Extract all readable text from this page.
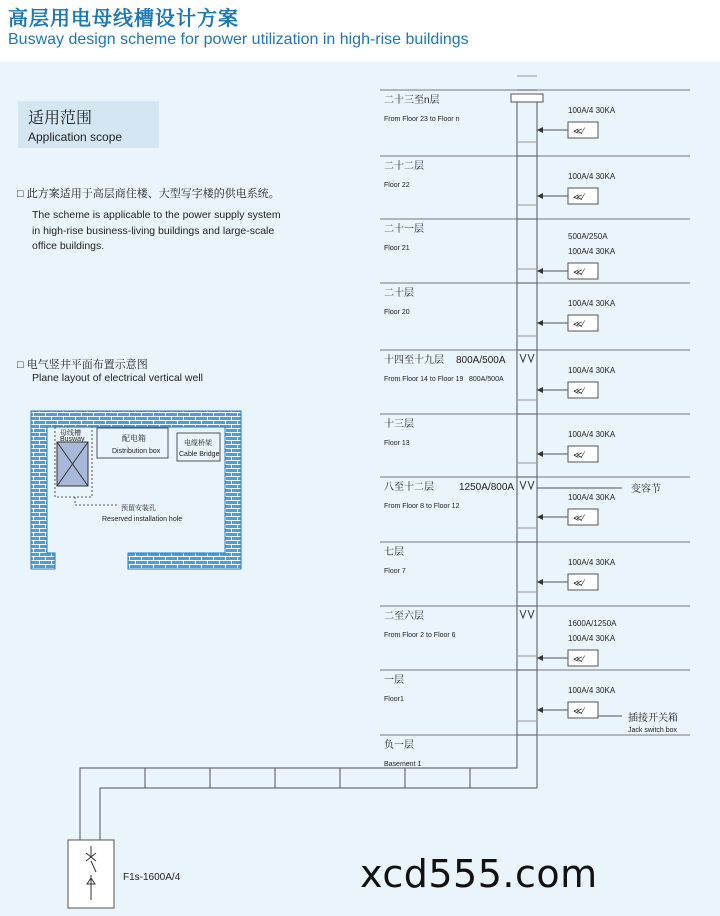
高层用电母线槽设计方案
Busway design scheme for power utilization in high-rise buildings
适用范围
Application scope
□ 此方案适用于高层商住楼、大型写字楼的供电系统。
The scheme is applicable to the power supply system
in high-rise business-living buildings and large-scale
office buildings.
□ 电气竖井平面布置示意图
Plane layout of electrical vertical well
母线槽
Busway	配电箱
Distribution box
电缆桥架
Cable Bridge
预留安装孔
Reserved installation hole
F1s-1600A/4
二十三至n层
From Floor 23 to Floor n
100A/4 30KA
≪⁄
二十二层
Floor 22
100A/4 30KA
≪⁄
二十一层
Floor 21
500A/250A
100A/4 30KA
≪⁄
二十层
Floor 20
100A/4 30KA
≪⁄
十四至十九层
From Floor 14 to Floor 19
800A/500A
800A/500A
100A/4 30KA
≪⁄
十三层
Floor 13
100A/4 30KA
≪⁄
八至十二层
From Floor 8 to Floor 12
1250A/800A
100A/4 30KA
≪⁄
七层
Floor 7
100A/4 30KA
≪⁄
二至六层
From Floor 2 to Floor 6
1600A/1250A
100A/4 30KA
≪⁄
一层
Floor1
100A/4 30KA
≪⁄
负一层
Basement 1
变容节
插接开关箱
Jack switch box
xcd555.com
